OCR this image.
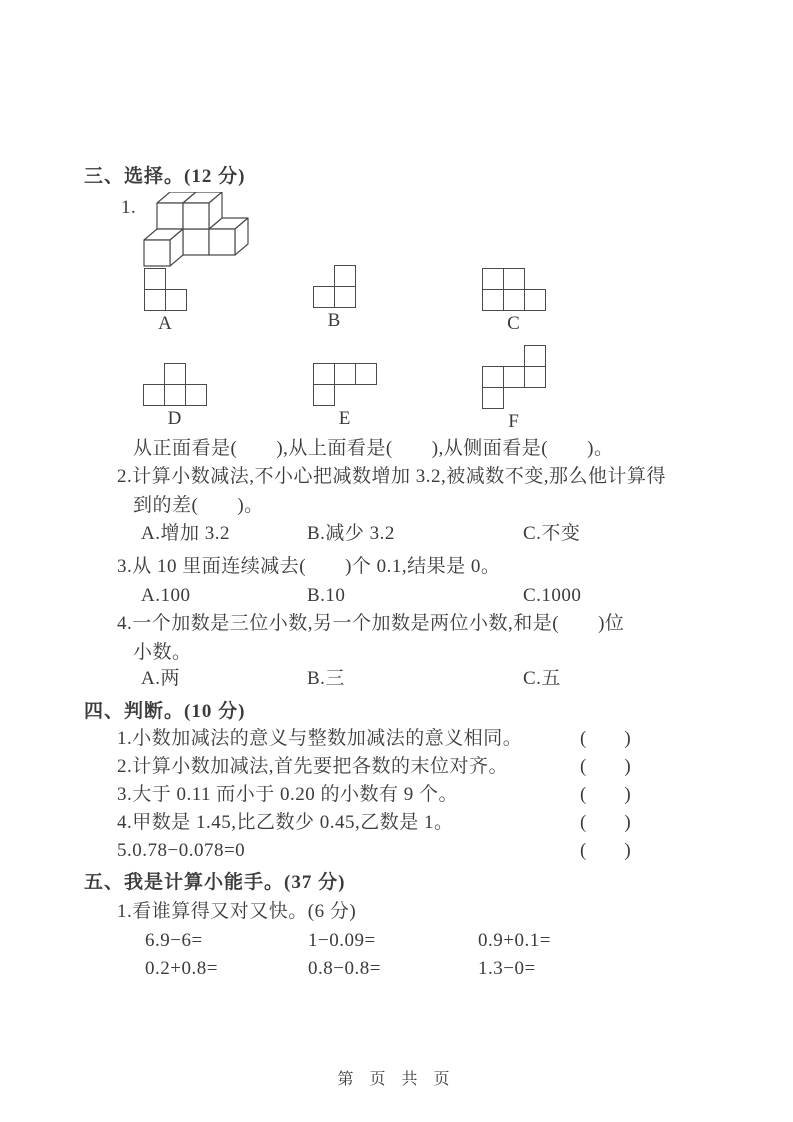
三、选择。(12 分)
1.
A	B	C
D	E	F
从正面看是(　　),从上面看是(　　),从侧面看是(　　)。
2.计算小数减法,不小心把减数增加 3.2,被减数不变,那么他计算得
到的差(　　)。
A.增加 3.2	B.减少 3.2	C.不变
3.从 10 里面连续减去(　　)个 0.1,结果是 0。
A.100	B.10	C.1000
4.一个加数是三位小数,另一个加数是两位小数,和是(　　)位
小数。
A.两	B.三	C.五
四、判断。(10 分)
1.小数加减法的意义与整数加减法的意义相同。	(　　)
2.计算小数加减法,首先要把各数的末位对齐。	(　　)
3.大于 0.11 而小于 0.20 的小数有 9 个。	(　　)
4.甲数是 1.45,比乙数少 0.45,乙数是 1。	(　　)
5.0.78−0.078=0	(　　)
五、我是计算小能手。(37 分)
1.看谁算得又对又快。(6 分)
6.9−6=	1−0.09=	0.9+0.1=
0.2+0.8=	0.8−0.8=	1.3−0=
第 页 共 页
